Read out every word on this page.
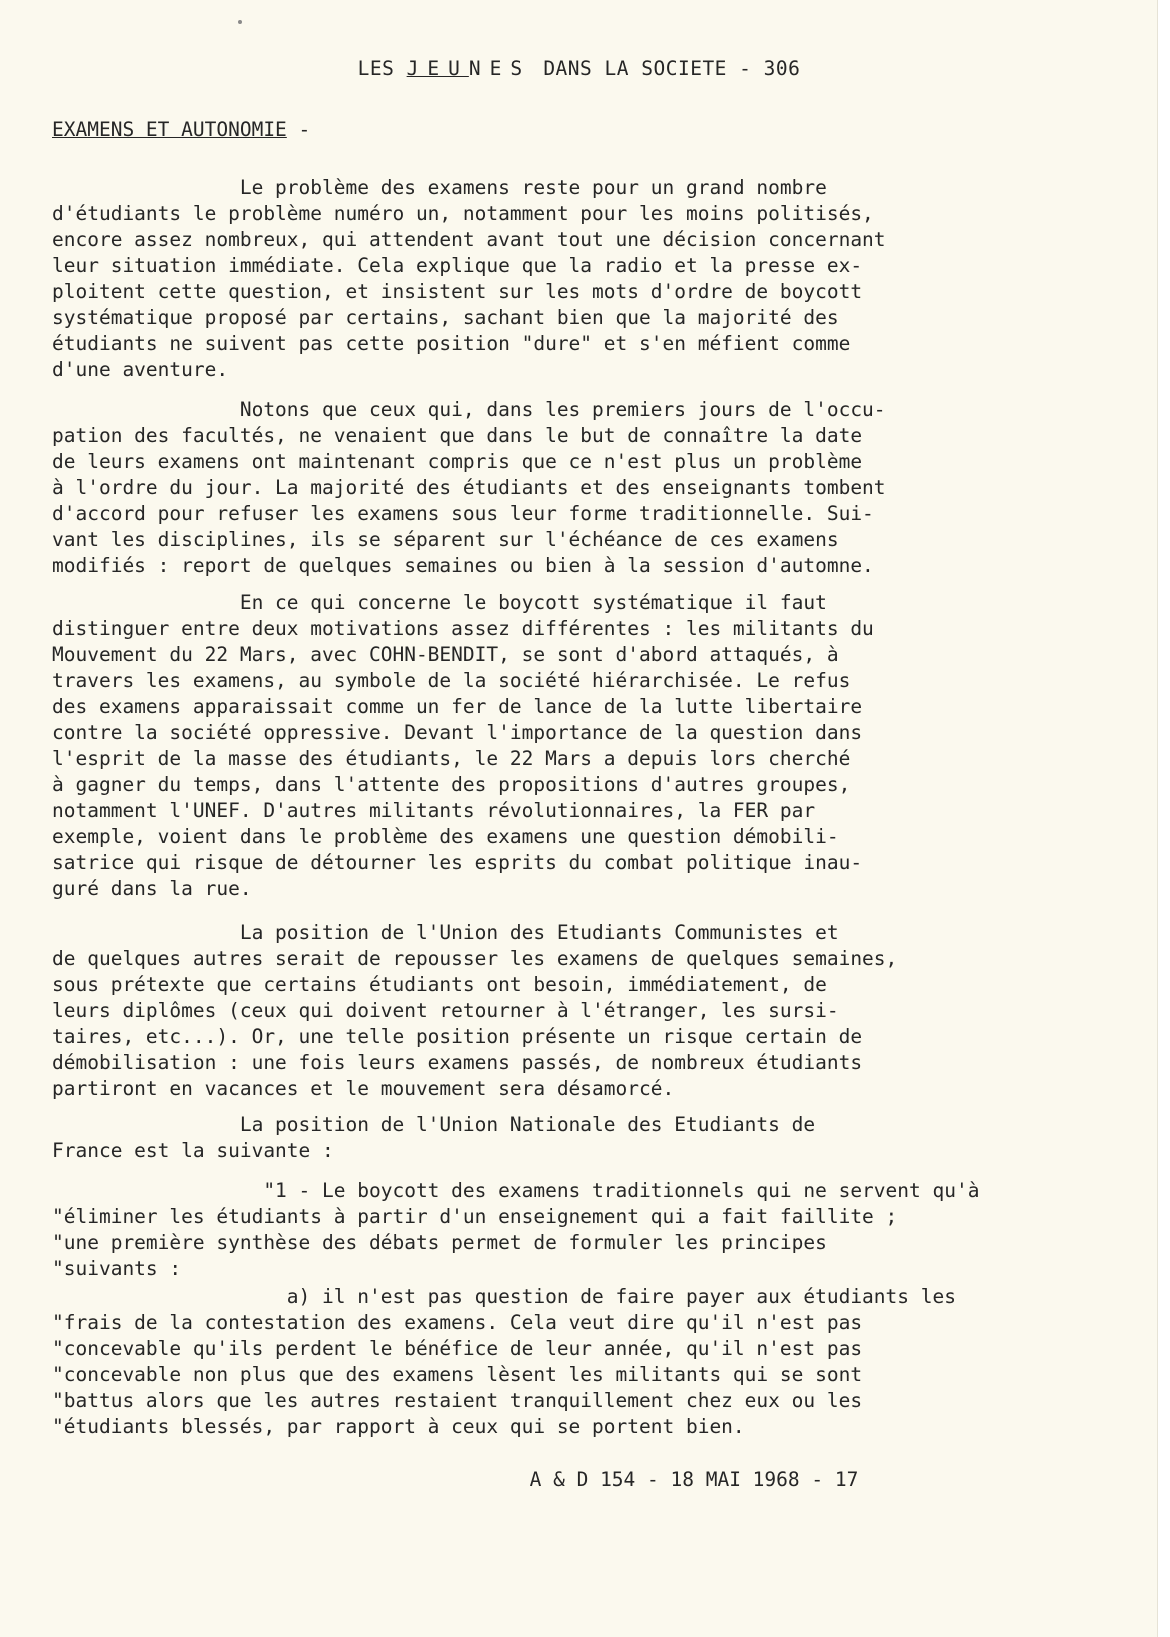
LES JEUNES DANS LA SOCIETE - 306
EXAMENS ET AUTONOMIE -
Le problème des examens reste pour un grand nombre
d'étudiants le problème numéro un, notamment pour les moins politisés,
encore assez nombreux, qui attendent avant tout une décision concernant
leur situation immédiate. Cela explique que la radio et la presse ex-
ploitent cette question, et insistent sur les mots d'ordre de boycott
systématique proposé par certains, sachant bien que la majorité des
étudiants ne suivent pas cette position "dure" et s'en méfient comme
d'une aventure.
Notons que ceux qui, dans les premiers jours de l'occu-
pation des facultés, ne venaient que dans le but de connaître la date
de leurs examens ont maintenant compris que ce n'est plus un problème
à l'ordre du jour. La majorité des étudiants et des enseignants tombent
d'accord pour refuser les examens sous leur forme traditionnelle. Sui-
vant les disciplines, ils se séparent sur l'échéance de ces examens
modifiés : report de quelques semaines ou bien à la session d'automne.
En ce qui concerne le boycott systématique il faut
distinguer entre deux motivations assez différentes : les militants du
Mouvement du 22 Mars, avec COHN-BENDIT, se sont d'abord attaqués, à
travers les examens, au symbole de la société hiérarchisée. Le refus
des examens apparaissait comme un fer de lance de la lutte libertaire
contre la société oppressive. Devant l'importance de la question dans
l'esprit de la masse des étudiants, le 22 Mars a depuis lors cherché
à gagner du temps, dans l'attente des propositions d'autres groupes,
notamment l'UNEF. D'autres militants révolutionnaires, la FER par
exemple, voient dans le problème des examens une question démobili-
satrice qui risque de détourner les esprits du combat politique inau-
guré dans la rue.
La position de l'Union des Etudiants Communistes et
de quelques autres serait de repousser les examens de quelques semaines,
sous prétexte que certains étudiants ont besoin, immédiatement, de
leurs diplômes (ceux qui doivent retourner à l'étranger, les sursi-
taires, etc...). Or, une telle position présente un risque certain de
démobilisation : une fois leurs examens passés, de nombreux étudiants
partiront en vacances et le mouvement sera désamorcé.
La position de l'Union Nationale des Etudiants de
France est la suivante :
"1 - Le boycott des examens traditionnels qui ne servent qu'à
"éliminer les étudiants à partir d'un enseignement qui a fait faillite ;
"une première synthèse des débats permet de formuler les principes
"suivants :
a) il n'est pas question de faire payer aux étudiants les
"frais de la contestation des examens. Cela veut dire qu'il n'est pas
"concevable qu'ils perdent le bénéfice de leur année, qu'il n'est pas
"concevable non plus que des examens lèsent les militants qui se sont
"battus alors que les autres restaient tranquillement chez eux ou les
"étudiants blessés, par rapport à ceux qui se portent bien.
A & D 154 - 18 MAI 1968 - 17
